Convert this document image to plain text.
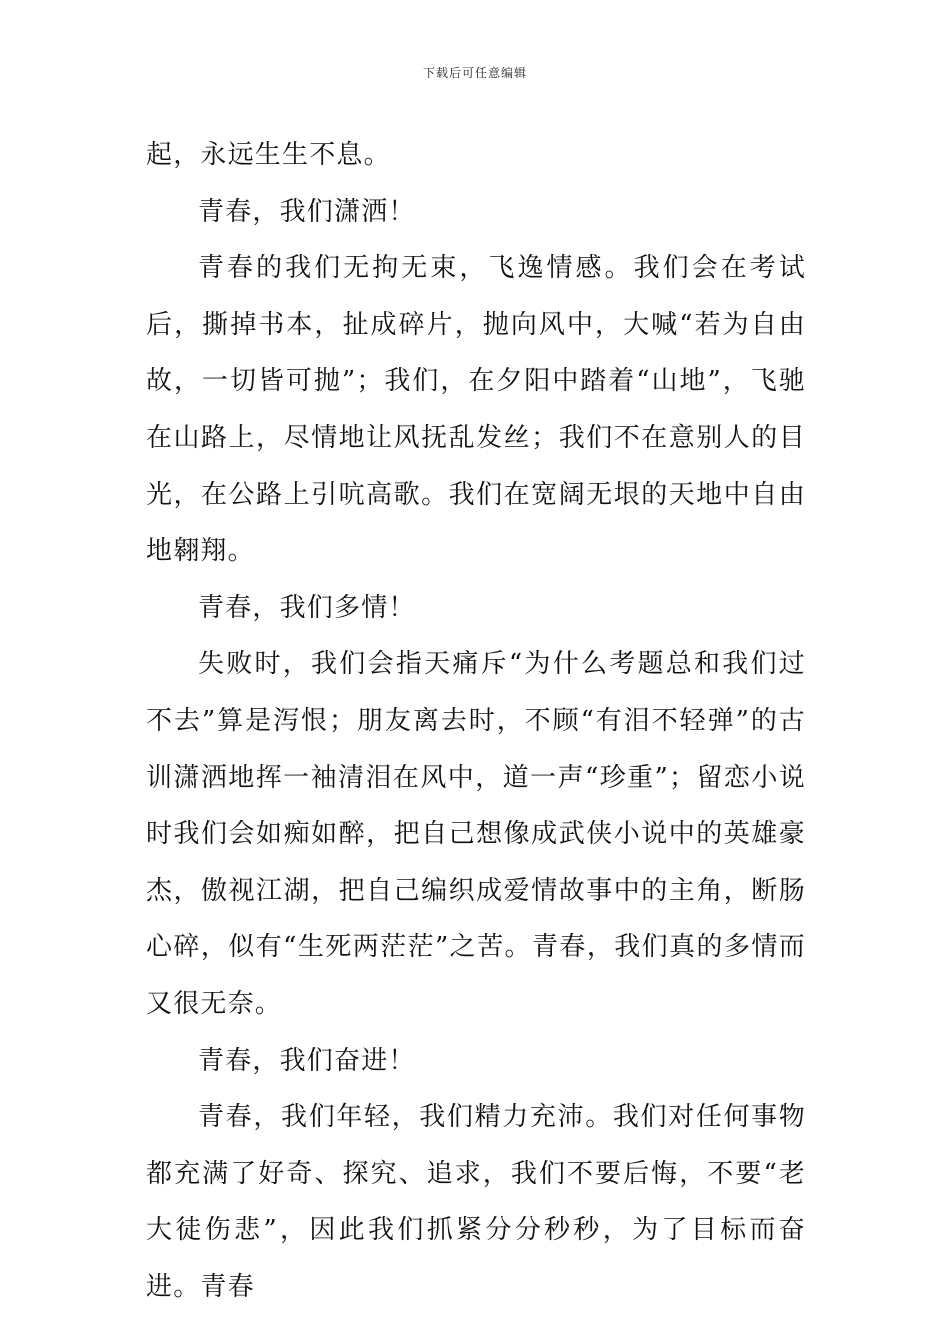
下载后可任意编辑

起，永远生生不息。

青春，我们潇洒！

青春的我们无拘无束，飞逸情感。我们会在考试后，撕掉书本，扯成碎片，抛向风中，大喊“若为自由故，一切皆可抛”；我们，在夕阳中踏着“山地”，飞驰在山路上，尽情地让风抚乱发丝；我们不在意别人的目光，在公路上引吭高歌。我们在宽阔无垠的天地中自由地翱翔。

青春，我们多情！

失败时，我们会指天痛斥“为什么考题总和我们过不去”算是泻恨；朋友离去时，不顾“有泪不轻弹”的古训潇洒地挥一袖清泪在风中，道一声“珍重”；留恋小说时我们会如痴如醉，把自己想像成武侠小说中的英雄豪杰，傲视江湖，把自己编织成爱情故事中的主角，断肠心碎，似有“生死两茫茫”之苦。青春，我们真的多情而又很无奈。

青春，我们奋进！

青春，我们年轻，我们精力充沛。我们对任何事物都充满了好奇、探究、追求，我们不要后悔，不要“老大徒伤悲”，因此我们抓紧分分秒秒，为了目标而奋进。青春
